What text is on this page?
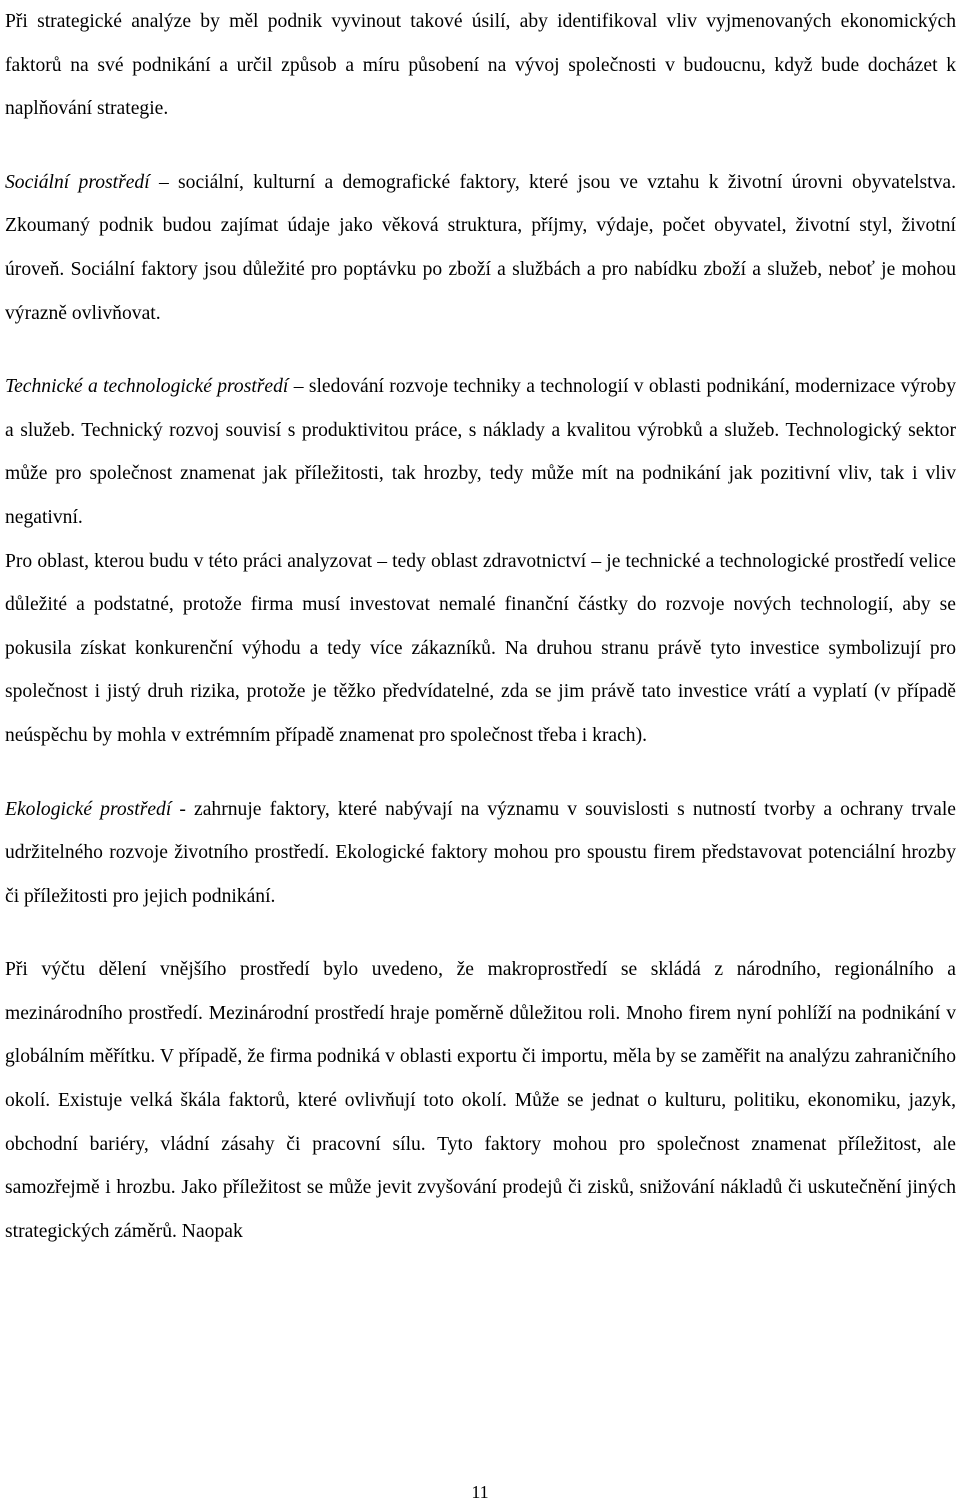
Při strategické analýze by měl podnik vyvinout takové úsilí, aby identifikoval vliv vyjmenovaných ekonomických faktorů na své podnikání a určil způsob a míru působení na vývoj společnosti v budoucnu, když bude docházet k naplňování strategie.

Sociální prostředí – sociální, kulturní a demografické faktory, které jsou ve vztahu k životní úrovni obyvatelstva. Zkoumaný podnik budou zajímat údaje jako věková struktura, příjmy, výdaje, počet obyvatel, životní styl, životní úroveň. Sociální faktory jsou důležité pro poptávku po zboží a službách a pro nabídku zboží a služeb, neboť je mohou výrazně ovlivňovat.

Technické a technologické prostředí – sledování rozvoje techniky a technologií v oblasti podnikání, modernizace výroby a služeb. Technický rozvoj souvisí s produktivitou práce, s náklady a kvalitou výrobků a služeb. Technologický sektor může pro společnost znamenat jak příležitosti, tak hrozby, tedy může mít na podnikání jak pozitivní vliv, tak i vliv negativní.

Pro oblast, kterou budu v této práci analyzovat – tedy oblast zdravotnictví – je technické a technologické prostředí velice důležité a podstatné, protože firma musí investovat nemalé finanční částky do rozvoje nových technologií, aby se pokusila získat konkurenční výhodu a tedy více zákazníků. Na druhou stranu právě tyto investice symbolizují pro společnost i jistý druh rizika, protože je těžko předvídatelné, zda se jim právě tato investice vrátí a vyplatí (v případě neúspěchu by mohla v extrémním případě znamenat pro společnost třeba i krach).

Ekologické prostředí - zahrnuje faktory, které nabývají na významu v souvislosti s nutností tvorby a ochrany trvale udržitelného rozvoje životního prostředí. Ekologické faktory mohou pro spoustu firem představovat potenciální hrozby či příležitosti pro jejich podnikání.

Při výčtu dělení vnějšího prostředí bylo uvedeno, že makroprostředí se skládá z národního, regionálního a mezinárodního prostředí. Mezinárodní prostředí hraje poměrně důležitou roli. Mnoho firem nyní pohlíží na podnikání v globálním měřítku. V případě, že firma podniká v oblasti exportu či importu, měla by se zaměřit na analýzu zahraničního okolí. Existuje velká škála faktorů, které ovlivňují toto okolí. Může se jednat o kulturu, politiku, ekonomiku, jazyk, obchodní bariéry, vládní zásahy či pracovní sílu. Tyto faktory mohou pro společnost znamenat příležitost, ale samozřejmě i hrozbu. Jako příležitost se může jevit zvyšování prodejů či zisků, snižování nákladů či uskutečnění jiných strategických záměrů. Naopak

11
